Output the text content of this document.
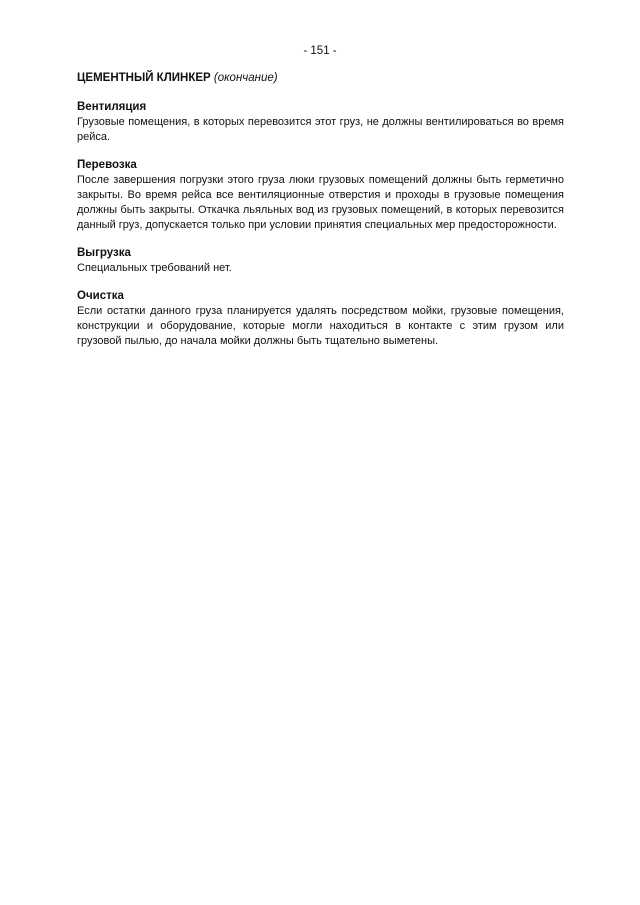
- 151 -
ЦЕМЕНТНЫЙ КЛИНКЕР (окончание)
Вентиляция
Грузовые помещения, в которых перевозится этот груз, не должны вентилироваться во время рейса.
Перевозка
После завершения погрузки этого груза люки грузовых помещений должны быть герметично закрыты. Во время рейса все вентиляционные отверстия и проходы в грузовые помещения должны быть закрыты. Откачка льяльных вод из грузовых помещений, в которых перевозится данный груз, допускается только при условии принятия специальных мер предосторожности.
Выгрузка
Специальных требований нет.
Очистка
Если остатки данного груза планируется удалять посредством мойки, грузовые помещения, конструкции и оборудование, которые могли находиться в контакте с этим грузом или грузовой пылью, до начала мойки должны быть тщательно выметены.
